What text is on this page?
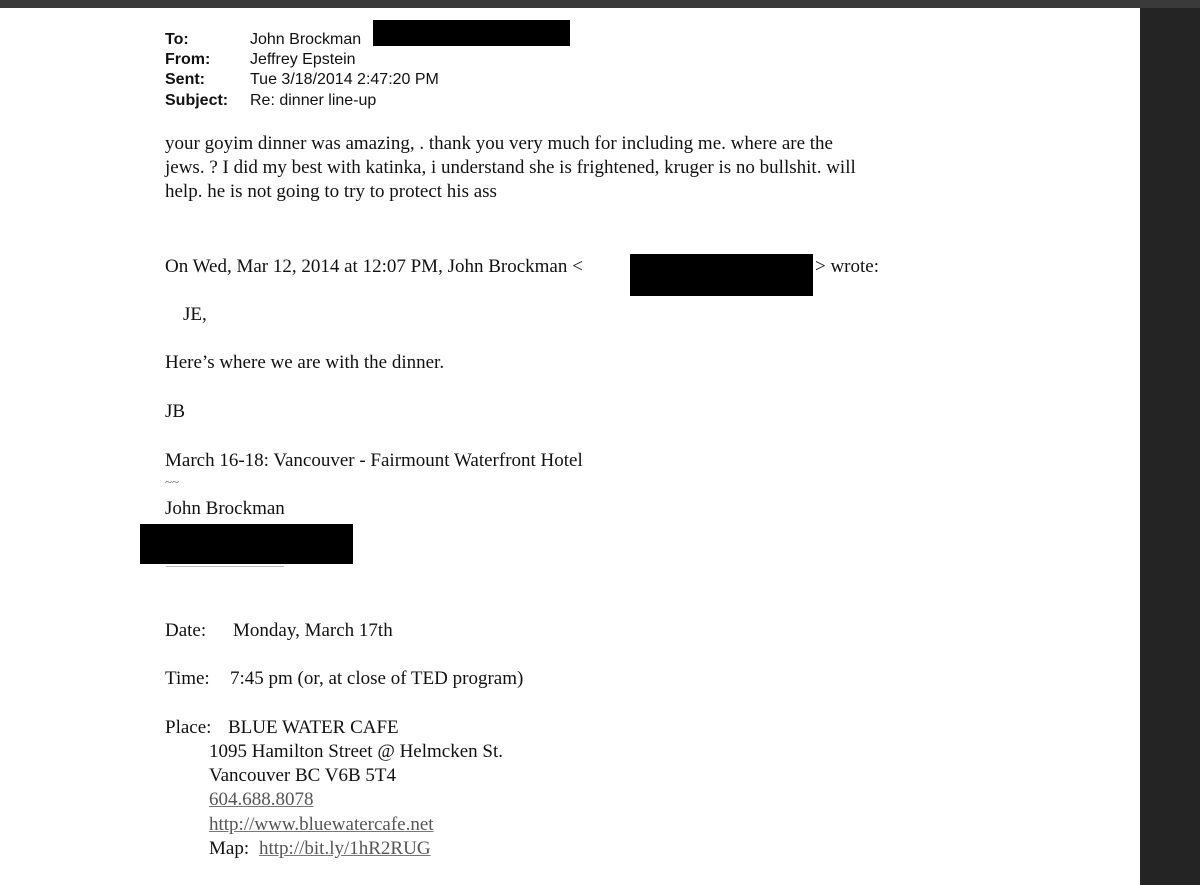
To:	John Brockman
From: Jeffrey Epstein
Sent:	Tue 3/18/2014 2:47:20 PM
Subject: Re: dinner line-up
your goyim dinner was amazing, . thank you very much for including me. where are the
jews. ? I did my best with katinka, i understand she is frightened, kruger is no bullshit. will
help. he is not going to try to protect his ass
On Wed, Mar 12, 2014 at 12:07 PM, John Brockman <	> wrote:
JE,
Here’s where we are with the dinner.
JB
March 16-18: Vancouver - Fairmount Waterfront Hotel
~~
John Brockman
Date: Monday, March 17th
Time: 7:45 pm (or, at close of TED program)
Place: BLUE WATER CAFE
1095 Hamilton Street @ Helmcken St.
Vancouver BC V6B 5T4
604.688.8078
http://www.bluewatercafe.net
Map: http://bit.ly/1hR2RUG
